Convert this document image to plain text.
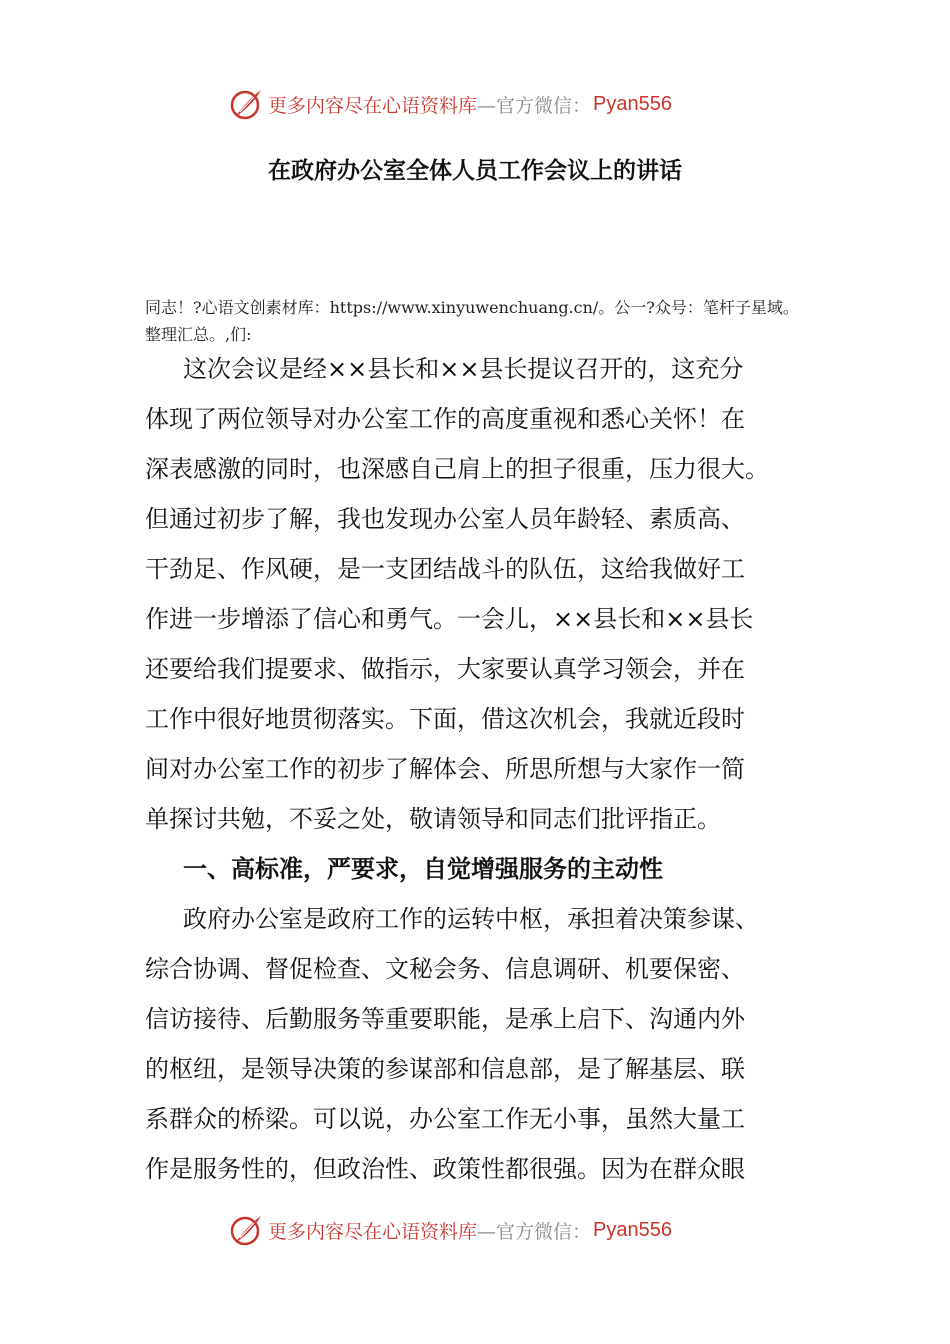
更多内容尽在心语资料库 —官方微信： Pyan556
在政府办公室全体人员工作会议上的讲话

同志！?心语文创素材库：https://www.xinyuwenchuang.cn/。公一?众号：笔杆子星域。整理汇总。,们:

这次会议是经××县长和××县长提议召开的，这充分

体现了两位领导对办公室工作的高度重视和悉心关怀！在

深表感激的同时，也深感自己肩上的担子很重，压力很大。

但通过初步了解，我也发现办公室人员年龄轻、素质高、

干劲足、作风硬，是一支团结战斗的队伍，这给我做好工

作进一步增添了信心和勇气。一会儿，××县长和××县长

还要给我们提要求、做指示，大家要认真学习领会，并在

工作中很好地贯彻落实。下面，借这次机会，我就近段时

间对办公室工作的初步了解体会、所思所想与大家作一简

单探讨共勉，不妥之处，敬请领导和同志们批评指正。

一、高标准，严要求，自觉增强服务的主动性

政府办公室是政府工作的运转中枢，承担着决策参谋、

综合协调、督促检查、文秘会务、信息调研、机要保密、

信访接待、后勤服务等重要职能，是承上启下、沟通内外

的枢纽，是领导决策的参谋部和信息部，是了解基层、联

系群众的桥梁。可以说，办公室工作无小事，虽然大量工

作是服务性的，但政治性、政策性都很强。因为在群众眼

更多内容尽在心语资料库 —官方微信： Pyan556
